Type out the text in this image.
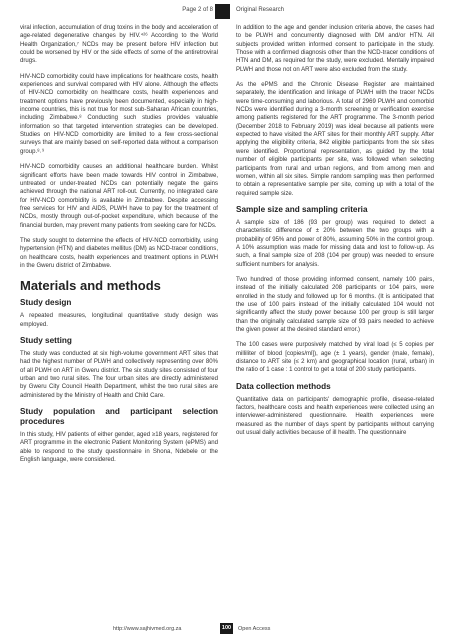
Page 2 of 8	Original Research

viral infection, accumulation of drug toxins in the body and acceleration of age-related degenerative changes by HIV.⁴²⁶ According to the World Health Organization,⁷ NCDs may be present before HIV infection but could be worsened by HIV or the side effects of some of the antiretroviral drugs.

HIV-NCD comorbidity could have implications for healthcare costs, health experiences and survival compared with HIV alone. Although the effects of HIV-NCD comorbidity on healthcare costs, health experiences and treatment options have previously been documented, especially in high-income countries, this is not true for most sub-Saharan African countries, including Zimbabwe.⁸ Conducting such studies provides valuable information so that targeted intervention strategies can be developed. Studies on HIV-NCD comorbidity are limited to a few cross-sectional surveys that are mainly based on self-reported data without a comparison group.⁸˒⁹

HIV-NCD comorbidity causes an additional healthcare burden. Whilst significant efforts have been made towards HIV control in Zimbabwe, untreated or under-treated NCDs can potentially negate the gains achieved through the national ART roll-out. Currently, no integrated care for HIV-NCD comorbidity is available in Zimbabwe. Despite accessing free services for HIV and AIDS, PLWH have to pay for the treatment of NCDs, mostly through out-of-pocket expenditure, which because of the financial burden, may prevent many patients from seeking care for NCDs.

The study sought to determine the effects of HIV-NCD comorbidity, using hypertension (HTN) and diabetes mellitus (DM) as NCD-tracer conditions, on healthcare costs, health experiences and treatment options in PLWH in the Gweru district of Zimbabwe.

Materials and methods
Study design

A repeated measures, longitudinal quantitative study design was employed.

Study setting

The study was conducted at six high-volume government ART sites that had the highest number of PLWH and collectively representing over 80% of all PLWH on ART in Gweru district. The six study sites consisted of four urban and two rural sites. The four urban sites are directly administered by Gweru City Council Health Department, whilst the two rural sites are administered by the Ministry of Health and Child Care.

Study population and participant selection procedures

In this study, HIV patients of either gender, aged ≥18 years, registered for ART programme in the electronic Patient Monitoring System (ePMS) and able to respond to the study questionnaire in Shona, Ndebele or the English language, were considered.

In addition to the age and gender inclusion criteria above, the cases had to be PLWH and concurrently diagnosed with DM and/or HTN. All subjects provided written informed consent to participate in the study. Those with a confirmed diagnosis other than the NCD-tracer conditions of HTN and DM, as required for the study, were excluded. Mentally impaired PLWH and those not on ART were also excluded from the study.

As the ePMS and the Chronic Disease Register are maintained separately, the identification and linkage of PLWH with the tracer NCDs were time-consuming and laborious. A total of 2969 PLWH and comorbid NCDs were identified during a 3-month screening or verification exercise among patients registered for the ART programme. The 3-month period (December 2018 to February 2019) was ideal because all patients were expected to have visited the ART sites for their monthly ART supply. After applying the eligibility criteria, 842 eligible participants from the six sites were identified. Proportional representation, as guided by the total number of eligible participants per site, was followed when selecting participants from rural and urban regions, and from among men and women, within all six sites. Simple random sampling was then performed to obtain a representative sample per site, coming up with a total of the required sample size.

Sample size and sampling criteria

A sample size of 186 (93 per group) was required to detect a characteristic difference of ± 20% between the two groups with a probability of 95% and power of 80%, assuming 50% in the control group. A 10% assumption was made for missing data and lost to follow-up. As such, a final sample size of 208 (104 per group) was needed to ensure sufficient numbers for analysis.

Two hundred of those providing informed consent, namely 100 pairs, instead of the initially calculated 208 participants or 104 pairs, were enrolled in the study and followed up for 6 months. (It is anticipated that the use of 100 pairs instead of the initially calculated 104 would not significantly affect the study power because 100 per group is still larger than the originally calculated sample size of 93 pairs needed to achieve the given power at the desired standard error.)

The 100 cases were purposively matched by viral load (≤ 5 copies per milliliter of blood [copies/ml]), age (± 1 years), gender (male, female), distance to ART site (≤ 2 km) and geographical location (rural, urban) in the ratio of 1 case : 1 control to get a total of 200 study participants.

Data collection methods

Quantitative data on participants' demographic profile, disease-related factors, healthcare costs and health experiences were collected using an interviewer-administered questionnaire. Health experiences were measured as the number of days spent by participants without carrying out usual daily activities because of ill health. The questionnaire

http://www.sajhivmed.org.za	100	Open Access
